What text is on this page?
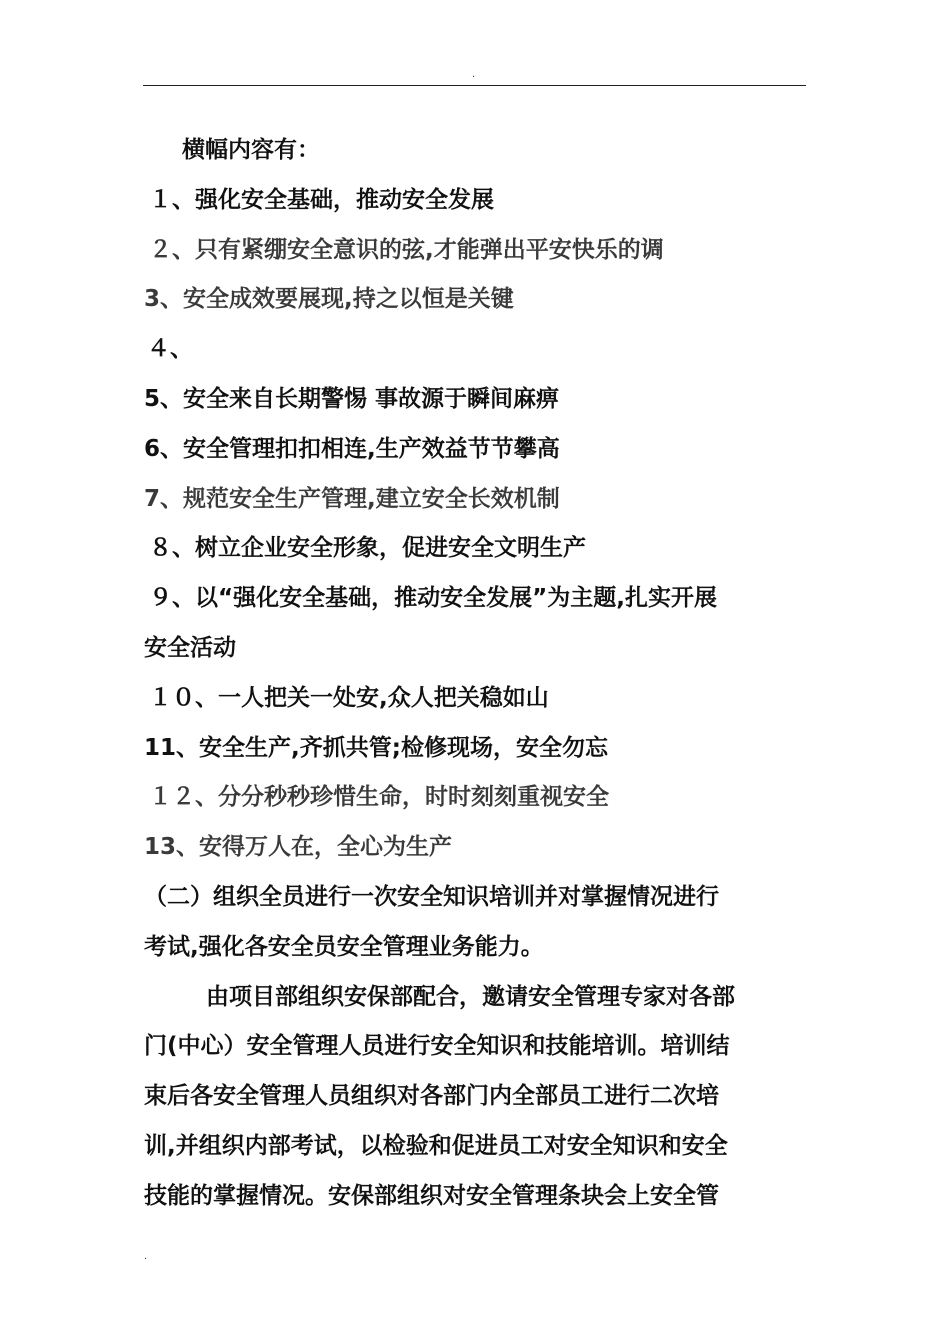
.
横幅内容有：
１、强化安全基础，推动安全发展
２、只有紧绷安全意识的弦,才能弹出平安快乐的调
3、安全成效要展现,持之以恒是关键
４、
5、安全来自长期警惕 事故源于瞬间麻痹
6、安全管理扣扣相连,生产效益节节攀高
7、规范安全生产管理,建立安全长效机制
８、树立企业安全形象，促进安全文明生产
９、以“强化安全基础，推动安全发展”为主题,扎实开展
安全活动
１０、一人把关一处安,众人把关稳如山
11、安全生产,齐抓共管;检修现场，安全勿忘
１２、分分秒秒珍惜生命，时时刻刻重视安全
13、安得万人在，全心为生产
（二）组织全员进行一次安全知识培训并对掌握情况进行
考试,强化各安全员安全管理业务能力。
由项目部组织安保部配合，邀请安全管理专家对各部
门(中心）安全管理人员进行安全知识和技能培训。培训结
束后各安全管理人员组织对各部门内全部员工进行二次培
训,并组织内部考试，以检验和促进员工对安全知识和安全
技能的掌握情况。安保部组织对安全管理条块会上安全管
.
